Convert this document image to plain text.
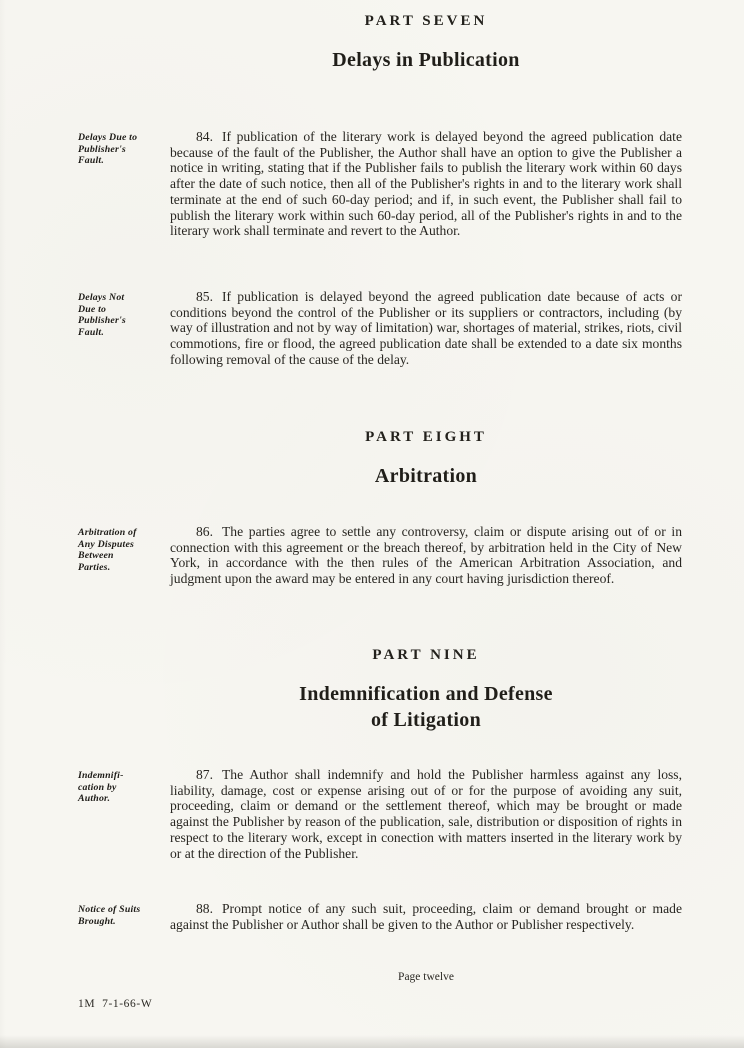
PART SEVEN
Delays in Publication
Delays Due to
Publisher's
Fault.

84. If publication of the literary work is delayed beyond the agreed publication date because of the fault of the Publisher, the Author shall have an option to give the Publisher a notice in writing, stating that if the Publisher fails to publish the literary work within 60 days after the date of such notice, then all of the Publisher's rights in and to the literary work shall terminate at the end of such 60-day period; and if, in such event, the Publisher shall fail to publish the literary work within such 60-day period, all of the Publisher's rights in and to the literary work shall terminate and revert to the Author.

Delays Not
Due to
Publisher's
Fault.

85. If publication is delayed beyond the agreed publication date because of acts or conditions beyond the control of the Publisher or its suppliers or contractors, including (by way of illustration and not by way of limitation) war, shortages of material, strikes, riots, civil commotions, fire or flood, the agreed publication date shall be extended to a date six months following removal of the cause of the delay.

PART EIGHT
Arbitration
Arbitration of
Any Disputes
Between
Parties.

86. The parties agree to settle any controversy, claim or dispute arising out of or in connection with this agreement or the breach thereof, by arbitration held in the City of New York, in accordance with the then rules of the American Arbitration Association, and judgment upon the award may be entered in any court having jurisdiction thereof.

PART NINE
Indemnification and Defense
of Litigation
Indemnifi-
cation by
Author.

87. The Author shall indemnify and hold the Publisher harmless against any loss, liability, damage, cost or expense arising out of or for the purpose of avoiding any suit, proceeding, claim or demand or the settlement thereof, which may be brought or made against the Publisher by reason of the publication, sale, distribution or disposition of rights in respect to the literary work, except in conection with matters inserted in the literary work by or at the direction of the Publisher.

Notice of Suits
Brought.

88. Prompt notice of any such suit, proceeding, claim or demand brought or made against the Publisher or Author shall be given to the Author or Publisher respectively.

Page twelve
1M  7-1-66-W
